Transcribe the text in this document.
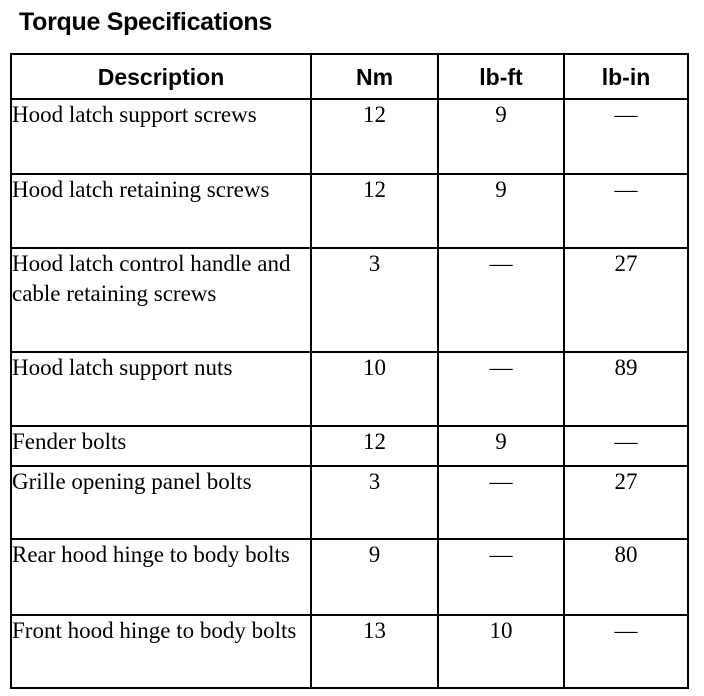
Torque Specifications
Description	Nm	lb-ft	lb-in
Hood latch support screws	12	9	—
Hood latch retaining screws	12	9	—
Hood latch control handle and cable retaining screws	3	—	27
Hood latch support nuts	10	—	89
Fender bolts	12	9	—
Grille opening panel bolts	3	—	27
Rear hood hinge to body bolts	9	—	80
Front hood hinge to body bolts	13	10	—
